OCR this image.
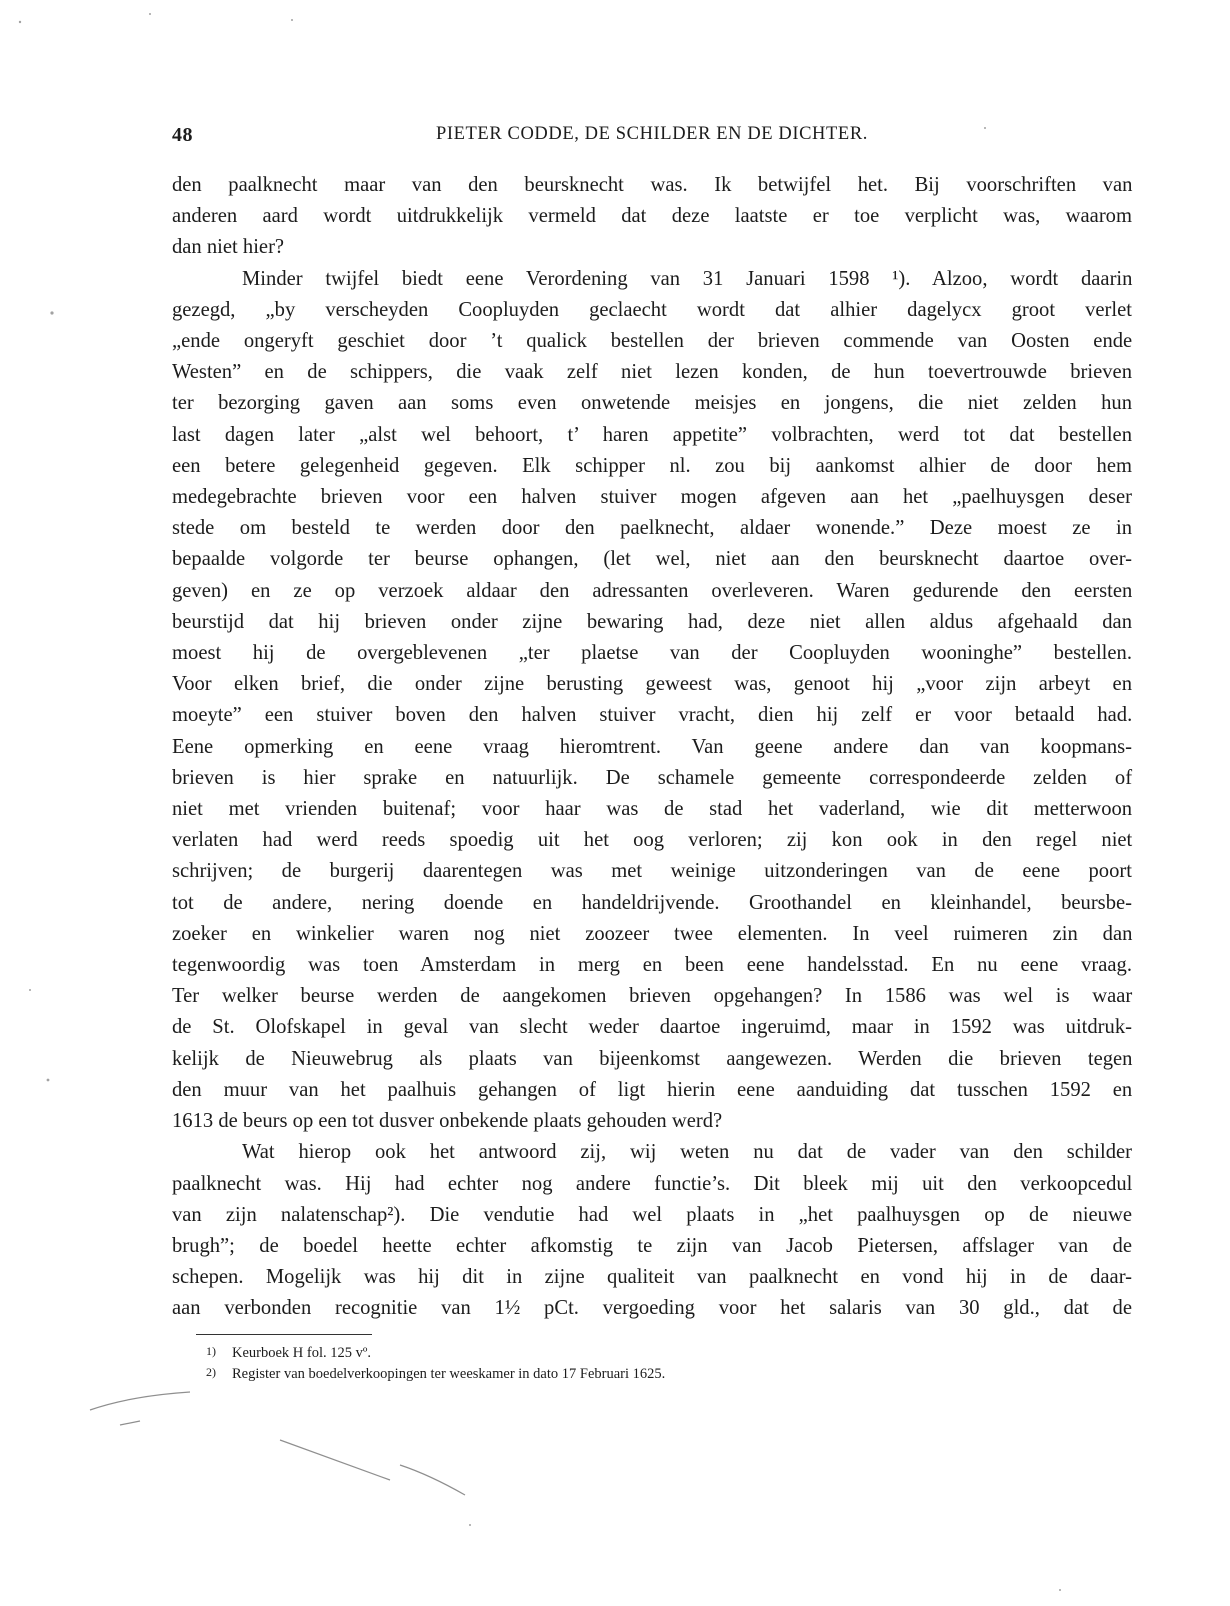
48	PIETER CODDE, DE SCHILDER EN DE DICHTER.
den paalknecht maar van den beursknecht was. Ik betwijfel het. Bij voorschriften van
anderen aard wordt uitdrukkelijk vermeld dat deze laatste er toe verplicht was, waarom
dan niet hier?
Minder twijfel biedt eene Verordening van 31 Januari 1598 ¹). Alzoo, wordt daarin
gezegd, „by verscheyden Coopluyden geclaecht wordt dat alhier dagelycx groot verlet
„ende ongeryft geschiet door ’t qualick bestellen der brieven commende van Oosten ende
Westen” en de schippers, die vaak zelf niet lezen konden, de hun toevertrouwde brieven
ter bezorging gaven aan soms even onwetende meisjes en jongens, die niet zelden hun
last dagen later „alst wel behoort, t’ haren appetite” volbrachten, werd tot dat bestellen
een betere gelegenheid gegeven. Elk schipper nl. zou bij aankomst alhier de door hem
medegebrachte brieven voor een halven stuiver mogen afgeven aan het „paelhuysgen deser
stede om besteld te werden door den paelknecht, aldaer wonende.” Deze moest ze in
bepaalde volgorde ter beurse ophangen, (let wel, niet aan den beursknecht daartoe over-
geven) en ze op verzoek aldaar den adressanten overleveren. Waren gedurende den eersten
beurstijd dat hij brieven onder zijne bewaring had, deze niet allen aldus afgehaald dan
moest hij de overgeblevenen „ter plaetse van der Coopluyden wooninghe” bestellen.
Voor elken brief, die onder zijne berusting geweest was, genoot hij „voor zijn arbeyt en
moeyte” een stuiver boven den halven stuiver vracht, dien hij zelf er voor betaald had.
Eene opmerking en eene vraag hieromtrent. Van geene andere dan van koopmans-
brieven is hier sprake en natuurlijk. De schamele gemeente correspondeerde zelden of
niet met vrienden buitenaf; voor haar was de stad het vaderland, wie dit metterwoon
verlaten had werd reeds spoedig uit het oog verloren; zij kon ook in den regel niet
schrijven; de burgerij daarentegen was met weinige uitzonderingen van de eene poort
tot de andere, nering doende en handeldrijvende. Groothandel en kleinhandel, beursbe-
zoeker en winkelier waren nog niet zoozeer twee elementen. In veel ruimeren zin dan
tegenwoordig was toen Amsterdam in merg en been eene handelsstad. En nu eene vraag.
Ter welker beurse werden de aangekomen brieven opgehangen? In 1586 was wel is waar
de St. Olofskapel in geval van slecht weder daartoe ingeruimd, maar in 1592 was uitdruk-
kelijk de Nieuwebrug als plaats van bijeenkomst aangewezen. Werden die brieven tegen
den muur van het paalhuis gehangen of ligt hierin eene aanduiding dat tusschen 1592 en
1613 de beurs op een tot dusver onbekende plaats gehouden werd?
Wat hierop ook het antwoord zij, wij weten nu dat de vader van den schilder
paalknecht was. Hij had echter nog andere functie’s. Dit bleek mij uit den verkoopcedul
van zijn nalatenschap²). Die vendutie had wel plaats in „het paalhuysgen op de nieuwe
brugh”; de boedel heette echter afkomstig te zijn van Jacob Pietersen, affslager van de
schepen. Mogelijk was hij dit in zijne qualiteit van paalknecht en vond hij in de daar-
aan verbonden recognitie van 1½ pCt. vergoeding voor het salaris van 30 gld., dat de
1) Keurboek H fol. 125 vº.
2) Register van boedelverkoopingen ter weeskamer in dato 17 Februari 1625.
